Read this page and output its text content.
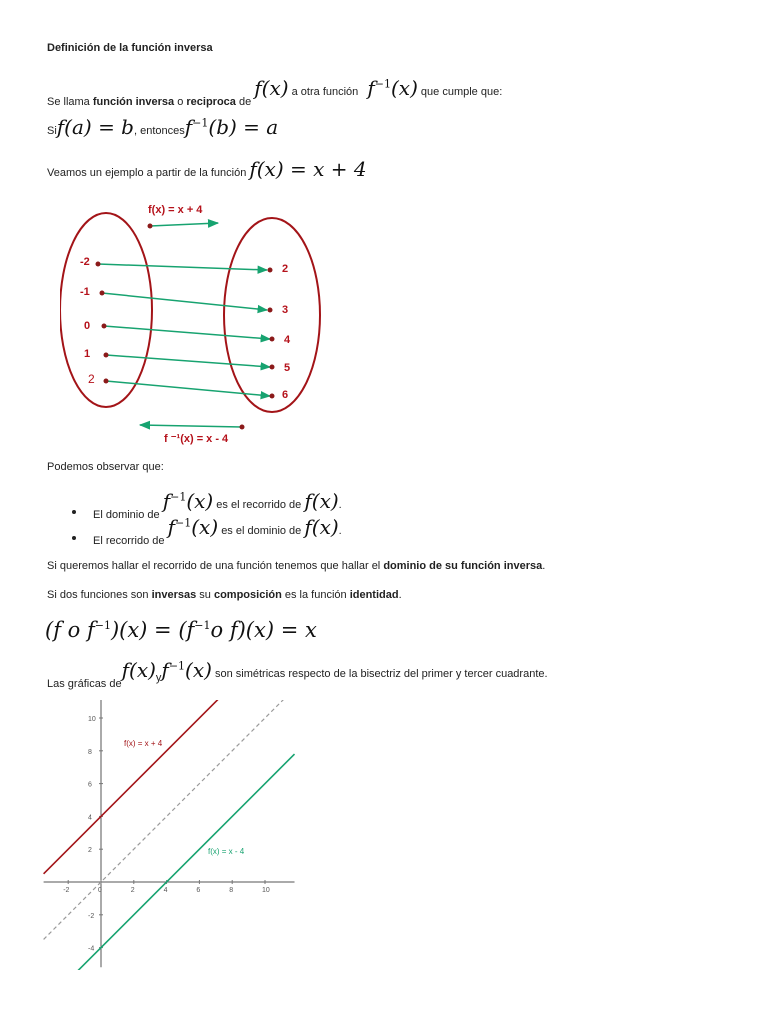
Definición de la función inversa
Se llama función inversa o reciproca de f(x) a otra función $f^{-1}(x)$ que cumple que:
Sif(a) = b, entoncesf$^{-1}$(b) = a
Veamos un ejemplo a partir de la función f(x) = x + 4
f(x) = x + 4
-2
-1
0
1
2
2
3
4
5
6
f ⁻¹(x) = x - 4
Podemos observar que:
El dominio de $f^{-1}(x)$ es el recorrido de f(x).
El recorrido de $f^{-1}(x)$ es el dominio de f(x).
Si queremos hallar el recorrido de una función tenemos que hallar el dominio de su función inversa.
Si dos funciones son inversas su composición es la función identidad.
(f o $f^{-1})(x) = (f^{-1}o$ f)(x) = x
Las gráficas $def(x)yf^{-1}(x)$ son simétricas respecto de la bisectriz del primer y tercer cuadrante.
-2	0	2	4	6	8	10
10
8
6
4
2
-2
-4
f(x) = x + 4
f(x) = x - 4
